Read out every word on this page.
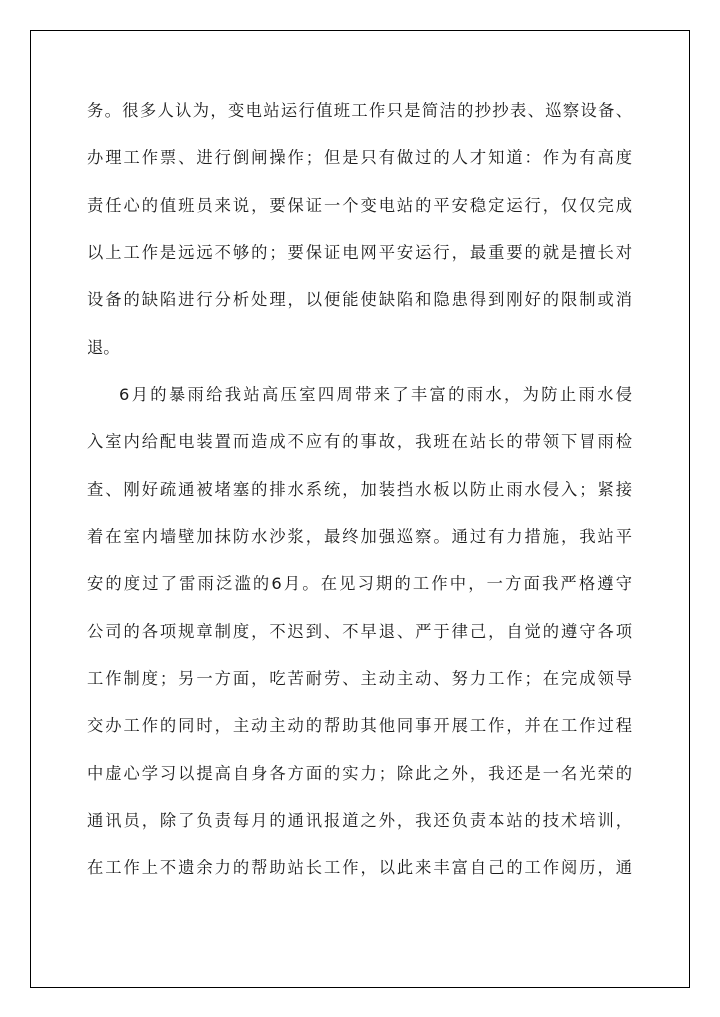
务。很多人认为，变电站运行值班工作只是简洁的抄抄表、巡察设备、
办理工作票、进行倒闸操作；但是只有做过的人才知道：作为有高度
责任心的值班员来说，要保证一个变电站的平安稳定运行，仅仅完成
以上工作是远远不够的；要保证电网平安运行，最重要的就是擅长对
设备的缺陷进行分析处理，以便能使缺陷和隐患得到刚好的限制或消
退。
6月的暴雨给我站高压室四周带来了丰富的雨水，为防止雨水侵
入室内给配电装置而造成不应有的事故，我班在站长的带领下冒雨检
查、刚好疏通被堵塞的排水系统，加装挡水板以防止雨水侵入；紧接
着在室内墙壁加抹防水沙浆，最终加强巡察。通过有力措施，我站平
安的度过了雷雨泛滥的6月。在见习期的工作中，一方面我严格遵守
公司的各项规章制度，不迟到、不早退、严于律己，自觉的遵守各项
工作制度；另一方面，吃苦耐劳、主动主动、努力工作；在完成领导
交办工作的同时，主动主动的帮助其他同事开展工作，并在工作过程
中虚心学习以提高自身各方面的实力；除此之外，我还是一名光荣的
通讯员，除了负责每月的通讯报道之外，我还负责本站的技术培训，
在工作上不遗余力的帮助站长工作，以此来丰富自己的工作阅历，通
